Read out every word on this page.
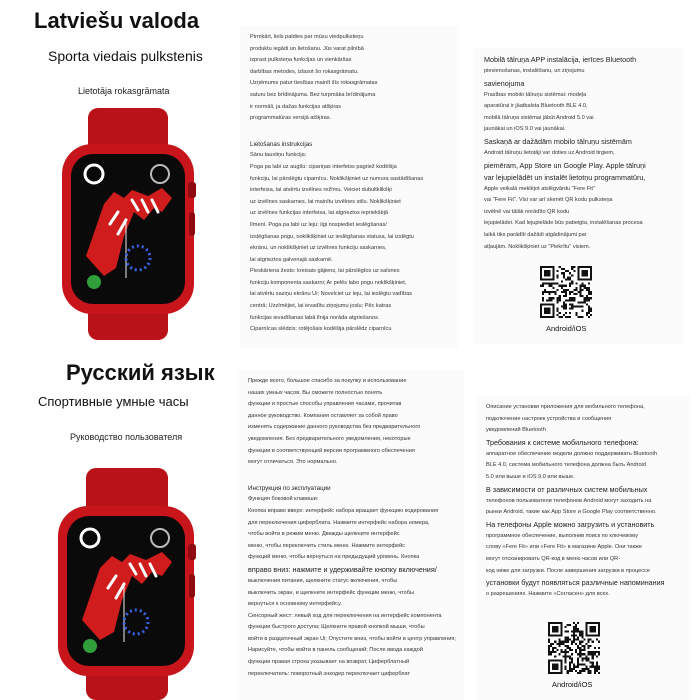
Latviešu valoda
Sporta viedais pulkstenis
Lietotāja rokasgrāmata

Pirmkārt, liels paldies par mūsu viedpulksteņu

produktu iegādi un lietošanu. Jūs varat pilnībā

izprast pulksteņa funkcijas un vienkāršas

darbības metodes, izlasot šo rokasgrāmatu.

Uzņēmums patur tiesības mainīt šīs rokasgrāmatas

saturu bez brīdinājuma. Bez turpmāka brīdinājuma

ir normāli, ja dažas funkcijas atšķiras

programmatūras versijā atšķiras.

Lietošanas instrukcijas

Sānu taustiņu funkcija:

Poga pa labi uz augšu: cipariņas interfeiss pagriež kodēšija

funkciju, lai pārslēgtu ciparnīcu. Noklikšķiniet uz numura sastādīšanas

interfeisa, lai atvērtu izvēlnes režīmu. Veiciet dubultklikšķi

uz izvēlnes saskarnes, lai mainītu izvēlnes stilu. Noklikšķiniet

uz izvēlnes funkcijas interfeisa, lai atgrieztos iepriekšējā

līmenī. Poga pa labi uz leju: ilgi nospiediet ieslēgšanas/

izslēgšanas pogu, noklikšķiniet uz ieslēgšanas statusa, lai izslēgtu

ekrānu, un noklikšķiniet uz izvēlnes funkciju saskarnes,

lai atgrieztos galvenajā saskarnē.

Pieskāriena žests: kreisais gājiens, lai pārslēgtos uz saīsnes

funkciju komponenta saskarni; Ar pelēs labo pogu noklikšķiniet,

lai atvērtu saziņu ekrānu Ui; Novelciet uz leju, lai ieslēgtu vadības

centrā; Uzzīmējiet, lai ievadītu ziņojumu joslu; Pēc katras

funkcijas ievadīšanas labā līnija norāda atgriešanos.

Ciparnīcas slēdzis: rotējošais kodēšija pārslēdz ciparnīcu

Mobilā tālruņa APP instalācija, ierīces Bluetooth

pievienošanas, instalēšanu, un ziņojumu

savienojuma

Prasības mobilo tālruņu sistēmai: modeļa

aparatūrai ir jāatbalsta Bluetooth BLE 4.0,

mobilā tālruņa sistēmai jābūt Android 5.0 vai

jaunākai un iOS 9.0 vai jaunākai.

Saskaņā ar dažādām mobilo tālruņu sistēmām

Android tālruņu lietotāji var doties uz Android tirgiem,

piemēram, App Store un Google Play. Apple tālruņi

var lejupielādēt un instalēt lietotņu programmatūru,

Apple veikalā meklējot atslēgvārdu "Fere Fit"

vai "Fere Fit". Visi var arī skenēt QR kodu pulksteņa

izvēlnē vai tālāk norādīto QR kodu

lejupielādei. Kad lejupielāde būs pabeigta, instalēšanas procesa

laikā tiks parādīti dažādi atgādinājumi par

atļaujām. Noklikšķiniet uz "Piekrītu" visiem.

Android/iOS
Русский язык
Спортивные умные часы
Руководство пользователя

Прежде всего, большое спасибо за покупку и использование

наших умных часов. Вы сможете полностью понять

функции и простые способы управления часами, прочитав

данное руководство. Компания оставляет за собой право

изменять содержание данного руководства без предварительного

уведомления. Без предварительного уведомления, некоторые

функции в соответствующей версии программного обеспечения

могут отличаться. Это нормально.

Инструкция по эксплуатации

Функция боковой клавиши:

Кнопка вправо вверх: интерфейс набора вращает функцию кодирования

для переключения циферблата. Нажмите интерфейс набора номера,

чтобы войти в режим меню. Дважды щелкните интерфейс

меню, чтобы переключить стиль меню. Нажмите интерфейс

функций меню, чтобы вернуться на предыдущий уровень. Кнопка

вправо вниз: нажмите и удерживайте кнопку включения/

выключения питания, щелкните статус включения, чтобы

выключить экран, и щелкните интерфейс функции меню, чтобы

вернуться к основному интерфейсу.

Сенсорный жест: левый ход для переключения на интерфейс компонента

функции быстрого доступа; Щелкните правой кнопкой мыши, чтобы

войти в раздаточный экран Ui; Опустите вниз, чтобы войти в центр управления;

Нарисуйте, чтобы войти в панель сообщений; После ввода каждой

функции правая строка указывает на возврат. Циферблатный

переключатель: поворотный энкодер переключает циферблат

Описание установки приложения для мобильного телефона,

подключение настроек устройства и сообщения

уведомлений Bluetooth

Требования к системе мобильного телефона:

аппаратное обеспечение модели должно поддерживать Bluetooth

BLE 4.0, система мобильного телефона должна быть Android

5.0 или выше и iOS 9.0 или выше.

В зависимости от различных систем мобильных

телефонов пользователи телефонов Android могут заходить на

рынки Android, такие как App Store и Google Play соответственно.

На телефоны Apple можно загрузить и установить

программное обеспечение, выполнив поиск по ключевому

слову «Fere Fit» или «Fere Fit» в магазине Apple. Они также

могут отсканировать QR-код в меню часов или QR-

код ниже для загрузки. После завершения загрузки в процессе

установки будут появляться различные напоминания

о разрешениях. Нажмите «Согласен» для всех.

Android/iOS
